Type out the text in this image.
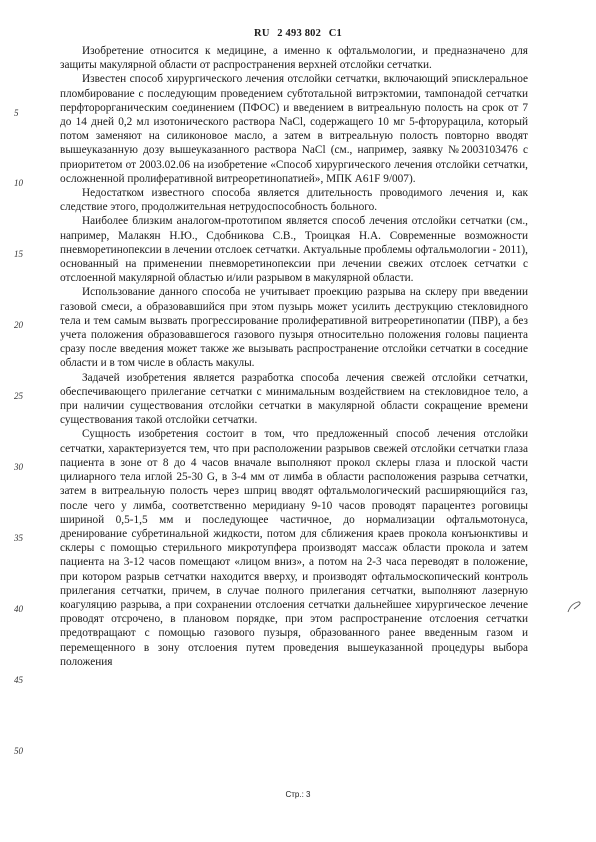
RU 2 493 802 C1

Изобретение относится к медицине, а именно к офтальмологии, и предназначено для защиты макулярной области от распространения верхней отслойки сетчатки.

Известен способ хирургического лечения отслойки сетчатки, включающий эписклеральное пломбирование с последующим проведением субтотальной витрэктомии, тампонадой сетчатки перфторорганическим соединением (ПФОС) и введением в витреальную полость на срок от 7 до 14 дней 0,2 мл изотонического раствора NaCl, содержащего 10 мг 5-фторурацила, который потом заменяют на силиконовое масло, а затем в витреальную полость повторно вводят вышеуказанную дозу вышеуказанного раствора NaCl (см., например, заявку №2003103476 с приоритетом от 2003.02.06 на изобретение «Способ хирургического лечения отслойки сетчатки, осложненной пролиферативной витреоретинопатией», МПК A61F 9/007).

Недостатком известного способа является длительность проводимого лечения и, как следствие этого, продолжительная нетрудоспособность больного.

Наиболее близким аналогом-прототипом является способ лечения отслойки сетчатки (см., например, Малакян Н.Ю., Сдобникова С.В., Троицкая Н.А. Современные возможности пневморетинопексии в лечении отслоек сетчатки. Актуальные проблемы офтальмологии - 2011), основанный на применении пневморетинопексии при лечении свежих отслоек сетчатки с отслоенной макулярной областью и/или разрывом в макулярной области.

Использование данного способа не учитывает проекцию разрыва на склеру при введении газовой смеси, а образовавшийся при этом пузырь может усилить деструкцию стекловидного тела и тем самым вызвать прогрессирование пролиферативной витреоретинопатии (ПВР), а без учета положения образовавшегося газового пузыря относительно положения головы пациента сразу после введения может также же вызывать распространение отслойки сетчатки в соседние области и в том числе в область макулы.

Задачей изобретения является разработка способа лечения свежей отслойки сетчатки, обеспечивающего прилегание сетчатки с минимальным воздействием на стекловидное тело, а при наличии существования отслойки сетчатки в макулярной области сокращение времени существования такой отслойки сетчатки.

Сущность изобретения состоит в том, что предложенный способ лечения отслойки сетчатки, характеризуется тем, что при расположении разрывов свежей отслойки сетчатки глаза пациента в зоне от 8 до 4 часов вначале выполняют прокол склеры глаза и плоской части цилиарного тела иглой 25-30 G, в 3-4 мм от лимба в области расположения разрыва сетчатки, затем в витреальную полость через шприц вводят офтальмологический расширяющийся газ, после чего у лимба, соответственно меридиану 9-10 часов проводят парацентез роговицы шириной 0,5-1,5 мм и последующее частичное, до нормализации офтальмотонуса, дренирование субретинальной жидкости, потом для сближения краев прокола конъюнктивы и склеры с помощью стерильного микротупфера производят массаж области прокола и затем пациента на 3-12 часов помещают «лицом вниз», а потом на 2-3 часа переводят в положение, при котором разрыв сетчатки находится вверху, и производят офтальмоскопический контроль прилегания сетчатки, причем, в случае полного прилегания сетчатки, выполняют лазерную коагуляцию разрыва, а при сохранении отслоения сетчатки дальнейшее хирургическое лечение проводят отсрочено, в плановом порядке, при этом распространение отслоения сетчатки предотвращают с помощью газового пузыря, образованного ранее введенным газом и перемещенного в зону отслоения путем проведения вышеуказанной процедуры выбора положения

5
10
15
20
25
30
35
40
45
50
Стр.: 3
